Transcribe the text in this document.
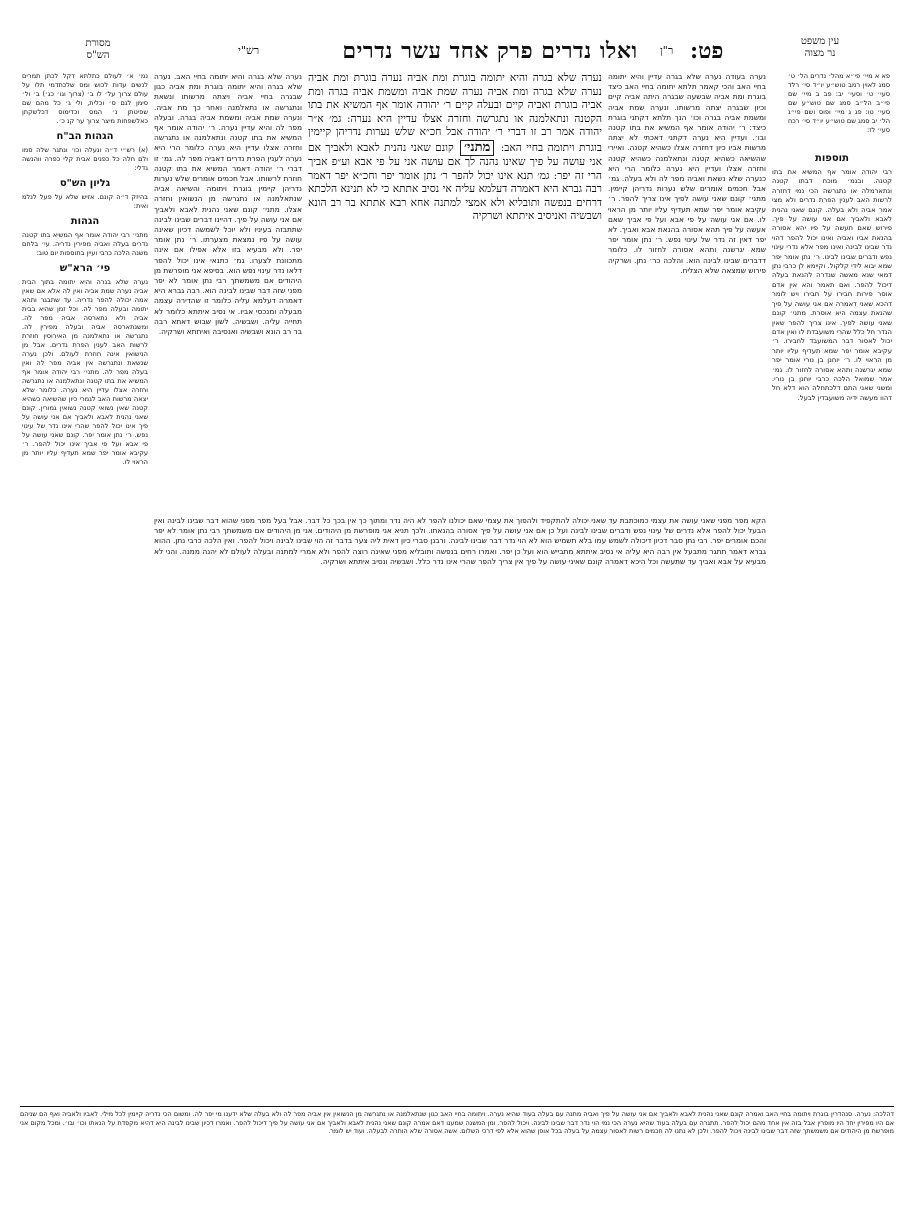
עין משפט
נר מצוה
פט:
ר"ן
ואלו נדרים פרק אחד עשר נדרים
רש"י
מסורת
הש"ס
פא א מיי׳ פי״א מהל׳ נדרים הל׳ ט׳ סמג לאוין רמב טוש״ע יו״ד סי׳ רלד סעי׳ ט׳ וסעי׳ יב: פב ב מיי׳ שם פי״ב הל״ב סמג שם טוש״ע שם סעי׳ טו: פג ג מיי׳ ופוס ושם פי״ג הל׳ יב סמג שם טוש״ע יו״ד סי׳ רכח סעי׳ לז:
תוספות
רבי יהודה אומר אף המשיא את בתו קטנה. ובגמ׳ מוכח דבתו קטנה ונתארמלה או נתגרשה הכי נמי דחזרה לרשות האב לענין הפרת נדרים ולא מצי אמר אביה ולא בעלה. קונם שאני נהנית לאבא ולאביך אם אני עושה על פיך. פירוש שאם תעשה על פיו יהא אסורה בהנאת אביו ואביה ואינו יכול להפר דהוי נדר שבינו לבינה ואינו מפר אלא נדרי עינוי נפש ודברים שבינו לבינו. ר׳ נתן אומר יפר שמא יבוא לידי קלקול. וקיימא לן כרבי נתן דמאי שנא מאשה שנדרה להנאת בעלה דיכול להפר. ואם תאמר והא אין אדם אוסר פירות חבירו על חבירו ויש לומר דהכא שאני דאמרה אם אני עושה על פיך שהנאת עצמה היא אוסרת. מתני׳ קונם שאני עושה לפיך. אינו צריך להפר שאין הנדר חל כלל שהרי משועבדת לו ואין אדם יכול לאסור דבר המשועבד לחבירו. ר׳ עקיבא אומר יפר שמא תעדיף עליו יותר מן הראוי לו. ר׳ יוחנן בן נורי אומר יפר שמא יגרשנה ותהא אסורה לחזור לו. גמ׳ אמר שמואל הלכה כרבי יוחנן בן נורי. ומשני שאני התם דלכתחלה הוא דלא חל דהוו מעשה ידיה משועבדין לבעל.
נמ׳ א׳ לעולם כתלתא דקל לכתן תמרים לנשים עדות לכוש ומס שלכתדמי תלו על עולם צרוך על׳ לו ב׳ (צרוך וגו׳ כג׳) ב׳ ול׳ סימן לגם ס׳ וכלית, ולי ג׳ כל מהם שם שפיטתן נ׳ המס וכדימוס דכלשקתן כאלשפחות מיצר צרוך ער קנ כ׳.
הגהות הב"ח
(א) רש״י ד״ה ונעלה וכו׳ ונתגר שלה סמו ולם חלה כל כפנים אבית קלי כפרה ווהנשה גדלי:
גליון הש"ס
בהיזק ד״ה קונם. אזיש שלא על פעל לנלמ ואית:
הגהות
מתני׳ רבי יהודה אומר אף המשיא בתו קטנה נדרים בעלה ואביה מפירין נדריה. עי׳ בלחם משנה הלכה כרבי ועיין בתוספות יום טוב:
פי׳ הרא"ש
נערה שלא בגרה והיא יתומה בתוך הבית אביה נערה שמת אביה ואין לה אלא אם שאין אמה יכולה להפר נדריה. עד שתבגר ותהא יתומה ובעלה מפר לה. וכל זמן שהיא בבית אביה ולא נתארסה אביה מפר לה. ומשנתארסה אביה ובעלה מפירין לה. נתגרשה או נתאלמנה מן האירוסין חוזרת לרשות האב לענין הפרת נדרים. אבל מן הנישואין אינה חוזרת לעולם. ולכן נערה שנשאת ונתגרשה אין אביה מפר לה ואין בעלה מפר לה. מתני׳ רבי יהודה אומר אף המשיא את בתו קטנה ונתאלמנה או נתגרשה וחזרה אצלו עדיין היא נערה. כלומר שלא יצאה מרשות האב לגמרי כיון שהשיאה כשהיא קטנה שאין נשואי קטנה נשואין גמורין. קונם שאני נהנית לאבא ולאביך אם אני עושה על פיך אינו יכול להפר שהרי אינו נדר של עינוי נפש. ר׳ נתן אומר יפר. קונם שאני עושה על פי אבא ועל פי אביך אינו יכול להפר. ר׳ עקיבא אומר יפר שמא תעדיף עליו יותר מן הראוי לו.
נערה בעודה נערה שלא בגרה עדיין והיא יתומה בחיי האב והכי קאמר תלתא יתומה בחיי האב כיצד בוגרת ומת אביה שבשעה שבגרה היתה אביה קיים וכיון שבגרה יצתה מרשותו. ונערה שמת אביה ומשמת אביה בגרה וכו׳ הנך תלתא דקתני בוגרת כיצד: ר׳ יהודה אומר אף המשיא את בתו קטנה ובו׳. ועדיין היא נערה דקתני דאכתי לא יצתה מרשות אביו כיון דחזרה אצלו כשהיא קטנה. ואיירי שהשיאה כשהיא קטנה ונתאלמנה כשהיא קטנה וחזרה אצלו ועדיין היא נערה כלומר הרי היא כנערה שלא נשאת ואביה מפר לה ולא בעלה. גמ׳ אבל חכמים אומרים שלש נערות נדריהן קיימין. מתני׳ קונם שאני עושה לפיך אינו צריך להפר. ר׳ עקיבא אומר יפר שמא תעדיף עליו יותר מן הראוי לו. אם אני עושה על פי אבא ועל פי אביך שאם אעשה על פיך תהא אסורה בהנאת אבא ואביך. לא יפר דאין זה נדר של עינוי נפש. ר׳ נתן אומר יפר שמא יגרשנה ותהא אסורה לחזור לו. כלומר דדברים שבינו לבינה הוא. והלכה כר׳ נתן. ושרקיה פירוש שמצאה שלא הצליח.
נערה שלא בגרה והיא יתומה בחיי האב. נערה שלא בגרה והיא יתומה בוגרת ומת אביה כגון שבגרה בחיי אביה ויצתה מרשותו ונשאת ונתגרשה או נתאלמנה ואחר כך מת אביה. ונערה שמת אביה ומשמת אביה בגרה. ובעלה מפר לה והיא עדיין נערה. ר׳ יהודה אומר אף המשיא את בתו קטנה ונתאלמנה או נתגרשה וחזרה אצלו עדיין היא נערה כלומר הרי היא נערה לענין הפרת נדרים דאביה מפר לה. גמ׳ זו דברי ר׳ יהודה דאמר המשיא את בתו קטנה חוזרת לרשותו. אבל חכמים אומרים שלש נערות נדריהן קיימין בוגרת ויתומה והשיאה אביה שנתאלמנה או נתגרשה מן הנשואין וחזרה אצלו. מתני׳ קונם שאני נהנית לאבא ולאביך אם אני עושה על פיך. דהיינו דברים שבינו לבינה שתתבזה בעיניו ולא יוכל לשמשה דכיון שאינה עושה על פיו נמצאת מצערתו. ר׳ נתן אומר יפר. ולא מבעיא בזו אלא אפילו אם אינה מתכוונת לצערו. גמ׳ כתנאי אינו יכול להפר דלאו נדר עינוי נפש הוא. בסיפא אני מופרשת מן היהודים אם משמשתך רבי נתן אומר לא יפר מפני שזה דבר שבינו לבינה הוא. רבה גברא היא דאמרה דעלמא עליה כלומר זו שהדירה עצמה מבעלה ומנכסי אביו. אי נסיב איתתא כלומר לא תחייה עליה. ושבשיה. לשון שבוש דאתא רבה בר רב הונא ושבשיה ואנסיבה ואיתתא ושרקיה.
נערה שלא בגרה והיא יתומה בוגרת ומת אביה נערה בוגרת ומת אביה נערה שלא בגרה ומת אביה נערה שמת אביה ומשמת אביה בגרה ומת אביה בוגרת ואביה קיים ובעלה קיים ר׳ יהודה אומר אף המשיא את בתו הקטנה ונתאלמנה או נתגרשה וחזרה אצלו עדיין היא נערה: גמ׳ א״ר יהודה אמר רב זו דברי ר׳ יהודה אבל חכ״א שלש נערות נדריהן קיימין בוגרת ויתומה בחיי האב: מתני׳ קונם שאני נהנית לאבא ולאביך אם אני עושה על פיך שאינו נהנה לך אם עושה אני על פי אבא וע״פ אביך הרי זה יפר: גמ׳ תנא אינו יכול להפר ר׳ נתן אומר יפר וחכ״א יפר דאמר רבה גברא היא דאמרה דעלמא עליה אי נסיב אתתא כי לא תנינא הלכתא דרחים בנפשה ותובליא ולא אמצי למתנה אחא רבא אתתא בר רב הונא ושבשיה ואניסיב איתתא ושרקיה
הקא מפר מפני שאני עושה את עצמי כמוכתבת עד שאני יכולה להתקפיד ולהפוך את עצמי שאם יכולנו להפר לא היה נדר ומתוך כך אין בכך כל דבר. אבל בעל מפר מפני שהוא דבר שבינו לבינה ואין הבעל יכול להפר אלא נדרים של עינוי נפש ודברים שבינו לבינה ועל כן אם אני עושה על פיך אסורה בהנאתו. ולכך תניא אני מופרשת מן היהודים. אני מן היהודים אם משמשתך רבי נתן אומר לא יפר והכם אומרים יפר. רבי נתן סבר דכיון דיכולה לשמש עמו בלא תשמיש הוא לא הוי נדר דבר שבינו לבינה. ורבנן סברי כיון דאית ליה צער בדבר זה הוי שבינו לבינה ויכול להפר. ואין הלכה כרבי נתן. ההוא גברא דאמר תתגר מתבעל אין רבה היא עליה אי נסיב איתתא מתבייש הוא ועל כן יפר. ואמרו רחים בנפשה ותובליא מפני שאינה רוצה להפר ולא אמרי למתנה ובעלה לעולם לא יהנה ממנה. והני לא מבעיא על אבא ואביך עד שתעשה וכל היכא דאמרה קונם שאיני עושה על פיך אין צריך להפר שהרי אינו נדר כלל. ושבשיה ונסיב איתתא ושרקיה.
דהלכה: נערה. סנהדרין בוגרת ויתומה בחיי האב ואמרה קונם שאני נהנית לאבא ולאביך אם אני עושה על פיך ואביה מתנה עם בעלה בעוד שהיא נערה. ויתומה בחיי האב כגון שנתאלמנה או נתגרשה מן הנשואין אין אביה מפר לה ולא בעלה שלא ידענו מי יפר לה. ומשום הכי נדריה קיימין לכל מילי. לאביו ולאביה ואף הם שניהם אם היו מפירין יחד היו מופרין אבל בזה אין אחד מהם יכול להפר. תתגרה עם בעלה בעוד שהיא נערה הכי נמי הוי נדר דבר שבינו לבינה. ויכול להפר. ומן המשנה שמענו דאם אמרה קונם שאני נהנית לאבא ולאביך אם אני עושה על פיך דיכול להפר. ואמרו דכיון שבינו לבינה היא דהיא מקפדת על הנאתו וכו׳ ובו׳. ומכל מקום אני מופרשת מן היהודים אם משמשתך שזה דבר שבינו לבינה ויכול להפר. ולכן לא נתנו לה חכמים רשות לאסור עצמה על בעלה בכל אופן שהוא אלא לפי דרכי השלום. אשה אסורה שלא הותרה לבעלה. ועוד יש לומר.
